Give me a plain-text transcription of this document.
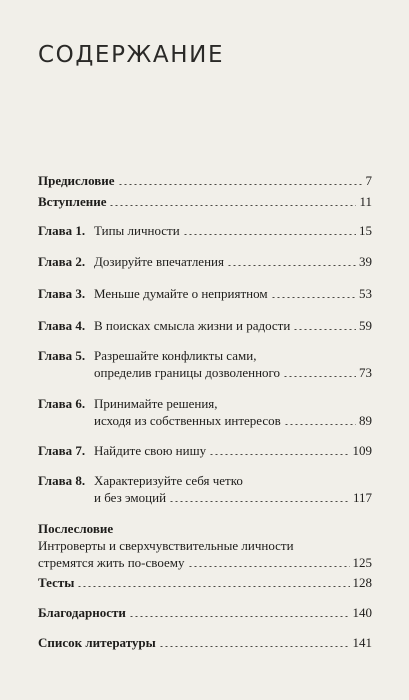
СОДЕРЖАНИЕ
Предисловие	7
Вступление	11
Глава 1. Типы личности	15
Глава 2. Дозируйте впечатления	39
Глава 3. Меньше думайте о неприятном	53
Глава 4. В поисках смысла жизни и радости	59
Глава 5. Разрешайте конфликты сами,
определив границы дозволенного	73
Глава 6. Принимайте решения,
исходя из собственных интересов	89
Глава 7. Найдите свою нишу	109
Глава 8. Характеризуйте себя четко
и без эмоций	117
Послесловие
Интроверты и сверхчувствительные личности
стремятся жить по-своему	125
Тесты	128
Благодарности	140
Список литературы	141
